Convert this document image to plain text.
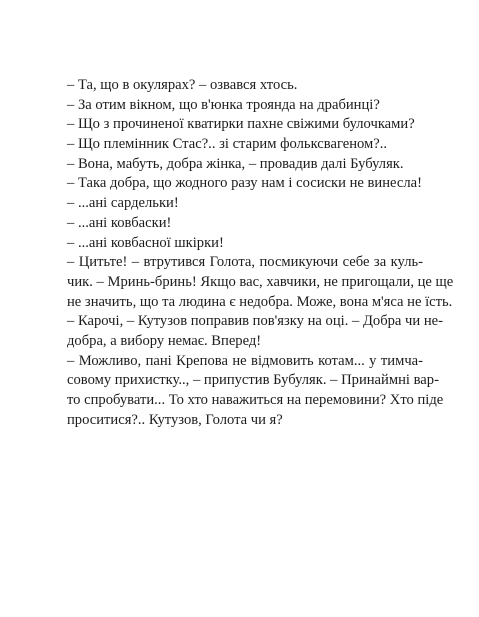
– Та, що в окулярах? – озвався хтось.
– За отим вікном, що в'юнка троянда на драбинці?
– Що з прочиненої кватирки пахне свіжими булочками?
– Що племінник Стас?.. зі старим фольксвагеном?..
– Вона, мабуть, добра жінка, – провадив далі Бубуляк.
– Така добра, що жодного разу нам і сосиски не винесла!
– ...ані сардельки!
– ...ані ковбаски!
– ...ані ковбасної шкірки!
– Цитьте! – втрутився Голота, посмикуючи себе за куль-
чик. – Мринь-бринь! Якщо вас, хавчики, не пригощали, це ще
не значить, що та людина є недобра. Може, вона м'яса не їсть.
– Карочі, – Кутузов поправив пов'язку на оці. – Добра чи не-
добра, а вибору немає. Вперед!
– Можливо, пані Крепова не відмовить котам... у тимча-
совому прихистку.., – припустив Бубуляк. – Принаймні вар-
то спробувати... То хто наважиться на перемовини? Хто піде
проситися?.. Кутузов, Голота чи я?
